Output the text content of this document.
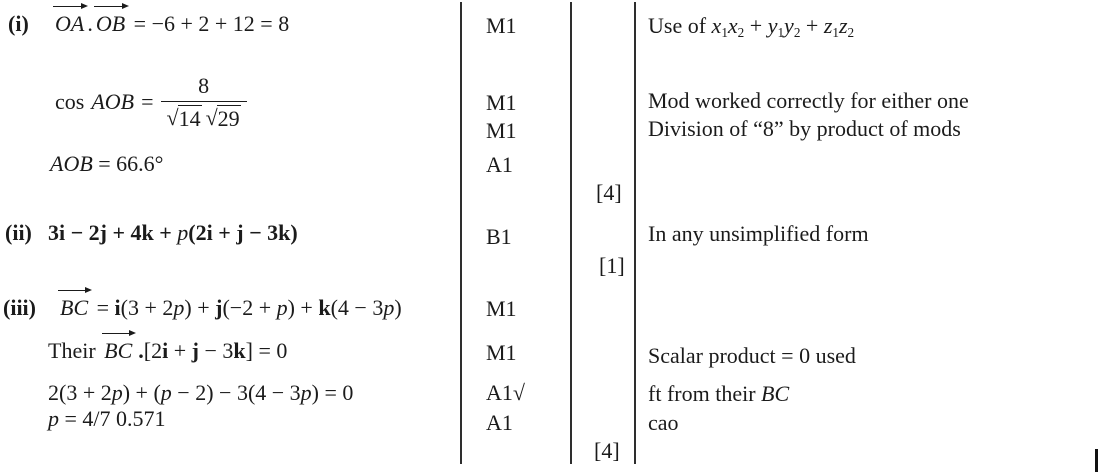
(i) OA . OB = −6 + 2 + 12 = 8
cos AOB = $\frac{8}{√ 14 √ 29}$
AOB = 66.6°
(ii) 3i − 2j + 4k + p(2i + j − 3k)
(iii) BC = i(3 + 2p) + j(−2 + p) + k(4 − 3p)
Their BC .[2i + j − 3k] = 0
2(3 + 2p) + (p − 2) − 3(4 − 3p) = 0
p = 4/7 0.571
M1
M1
M1
A1
B1
M1
M1
A1√
A1
[4]
[1]
[4]
Use of $x_1x_2 + y_1y_2 + z_1z_2$
Mod worked correctly for either one
Division of “8” by product of mods
In any unsimplified form
Scalar product = 0 used
ft from their BC
cao
